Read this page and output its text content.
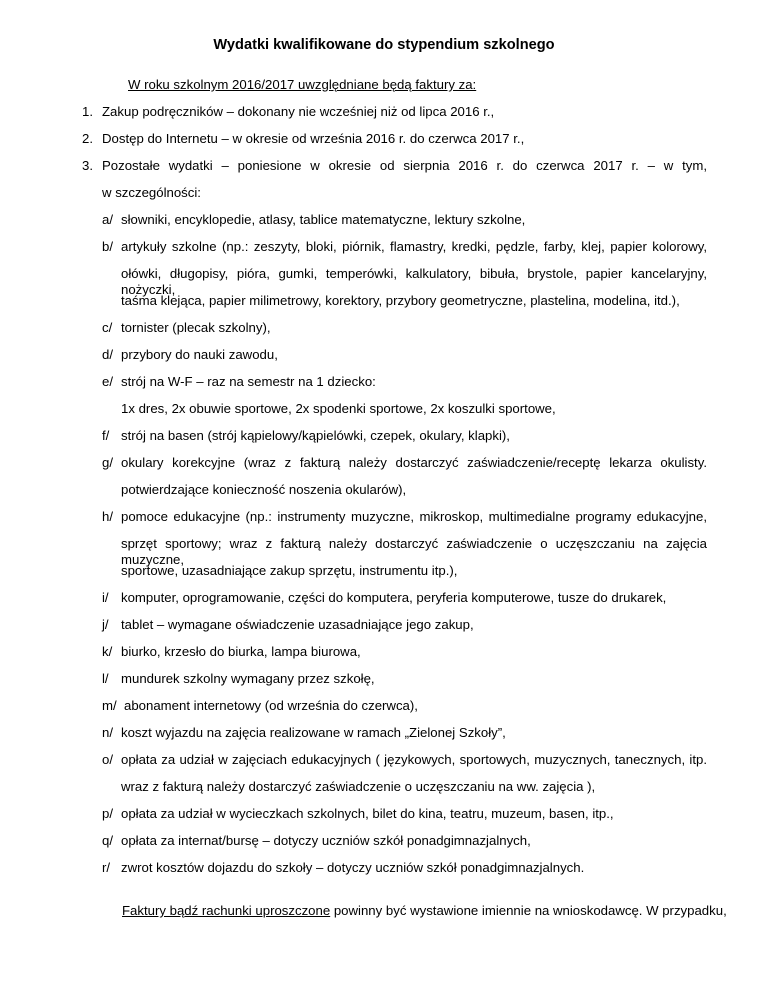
Wydatki kwalifikowane do stypendium szkolnego
W roku szkolnym 2016/2017 uwzględniane będą faktury za:
1. Zakup podręczników – dokonany nie wcześniej niż od lipca 2016 r.,
2. Dostęp do Internetu – w okresie od września 2016 r. do czerwca 2017 r.,
3. Pozostałe wydatki – poniesione w okresie od sierpnia 2016 r. do czerwca 2017 r. – w tym,
w szczególności:
a/ słowniki, encyklopedie, atlasy, tablice matematyczne, lektury szkolne,
b/ artykuły szkolne (np.: zeszyty, bloki, piórnik, flamastry, kredki, pędzle, farby, klej, papier kolorowy,
ołówki, długopisy, pióra, gumki, temperówki, kalkulatory, bibuła, brystole, papier kancelaryjny, nożyczki,
taśma klejąca, papier milimetrowy, korektory, przybory geometryczne, plastelina, modelina, itd.),
c/ tornister (plecak szkolny),
d/ przybory do nauki zawodu,
e/ strój na W-F – raz na semestr na 1 dziecko:
1x dres, 2x obuwie sportowe, 2x spodenki sportowe, 2x koszulki sportowe,
f/ strój na basen (strój kąpielowy/kąpielówki, czepek, okulary, klapki),
g/ okulary korekcyjne (wraz z fakturą należy dostarczyć zaświadczenie/receptę lekarza okulisty.
potwierdzające konieczność noszenia okularów),
h/ pomoce edukacyjne (np.: instrumenty muzyczne, mikroskop, multimedialne programy edukacyjne,
sprzęt sportowy; wraz z fakturą należy dostarczyć zaświadczenie o uczęszczaniu na zajęcia muzyczne,
sportowe, uzasadniające zakup sprzętu, instrumentu itp.),
i/ komputer, oprogramowanie, części do komputera, peryferia komputerowe, tusze do drukarek,
j/ tablet – wymagane oświadczenie uzasadniające jego zakup,
k/ biurko, krzesło do biurka, lampa biurowa,
l/ mundurek szkolny wymagany przez szkołę,
m/ abonament internetowy (od września do czerwca),
n/ koszt wyjazdu na zajęcia realizowane w ramach „Zielonej Szkoły”,
o/ opłata za udział w zajęciach edukacyjnych ( językowych, sportowych, muzycznych, tanecznych, itp.
wraz z fakturą należy dostarczyć zaświadczenie o uczęszczaniu na ww. zajęcia ),
p/ opłata za udział w wycieczkach szkolnych, bilet do kina, teatru, muzeum, basen, itp.,
q/ opłata za internat/bursę – dotyczy uczniów szkół ponadgimnazjalnych,
r/ zwrot kosztów dojazdu do szkoły – dotyczy uczniów szkół ponadgimnazjalnych.
Faktury bądź rachunki uproszczone powinny być wystawione imiennie na wnioskodawcę. W przypadku,
